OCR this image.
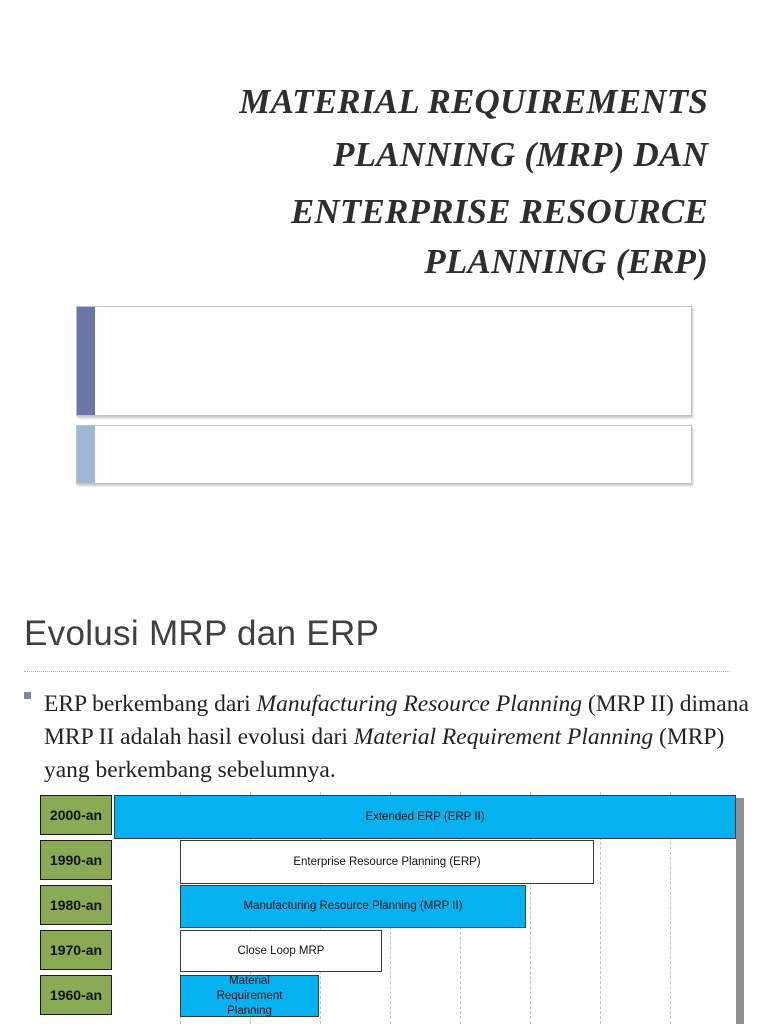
MATERIAL REQUIREMENTS
PLANNING (MRP) DAN
ENTERPRISE RESOURCE
PLANNING (ERP)
Evolusi MRP dan ERP

ERP berkembang dari Manufacturing Resource Planning (MRP II) dimana MRP II adalah hasil evolusi dari Material Requirement Planning (MRP) yang berkembang sebelumnya.

2000-an
1990-an
1980-an
1970-an
1960-an
Extended ERP (ERP II)
Enterprise Resource Planning (ERP)
Manufacturing Resource Planning (MRP II)
Close Loop MRP
Material Requirement Planning
